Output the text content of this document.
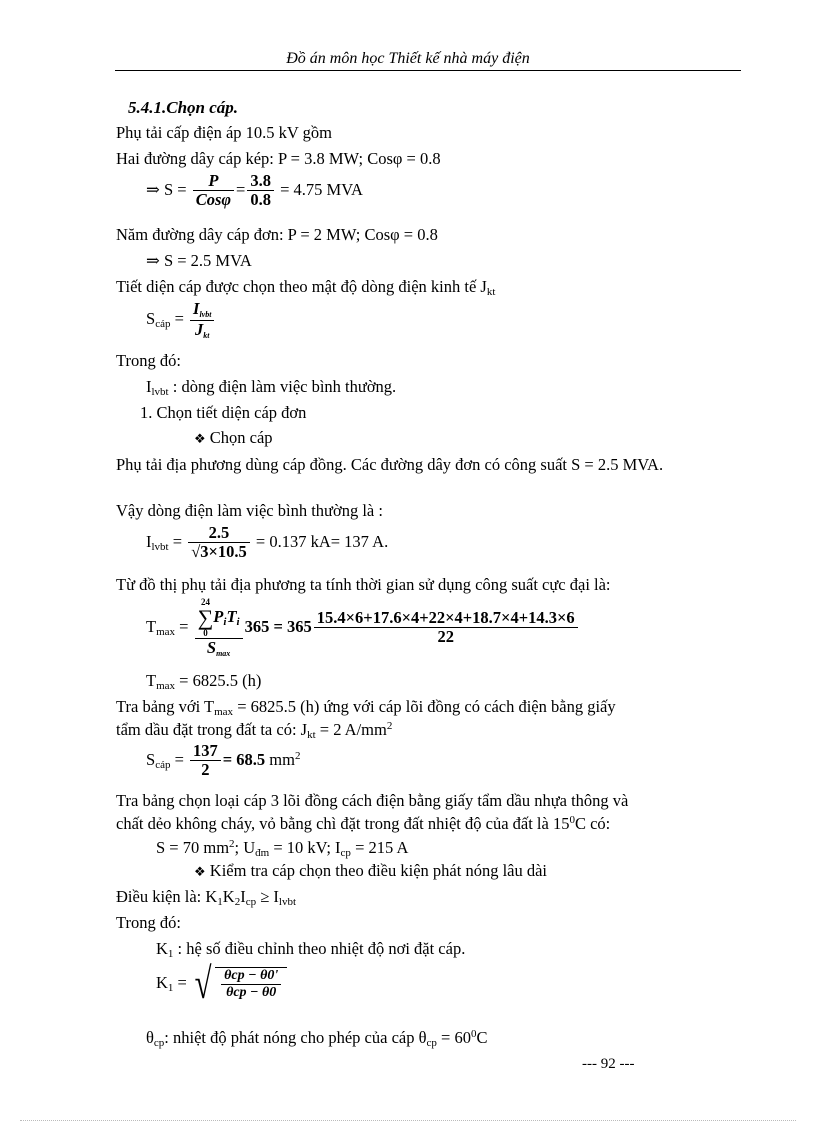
Đồ án môn học Thiết kế nhà máy điện
5.4.1.Chọn cáp.
Phụ tải cấp điện áp 10.5 kV gồm
Hai đường dây cáp kép: P = 3.8 MW; Cosφ = 0.8
⇒ $S = \frac{P}{\text{Cosφ}} = \frac{3.8}{0.8} = 4.75$ MVA
Năm đường dây cáp đơn: P = 2 MW; Cosφ = 0.8
⇒ S = 2.5 MVA
Tiết diện cáp được chọn theo mật độ dòng điện kinh tế $J_{kt}$
$S_{cáp} = \frac{I_{lvbt}}{J_{kt}}$
Trong đó:
$I_{lvbt}$ : dòng điện làm việc bình thường.
1. Chọn tiết diện cáp đơn
❖ Chọn cáp
Phụ tải địa phương dùng cáp đồng. Các đường dây đơn có công suất S = 2.5 MVA.
Vậy dòng điện làm việc bình thường là :
$I_{lvbt} = \frac{2.5}{√3\times 10.5} = 0.137$ kA= 137 A.
Từ đồ thị phụ tải địa phương ta tính thời gian sử dụng công suất cực đại là:
$T_{max} = 24$
∑
0
$P_iT_i$
$S_{max}$ $365 = 365 \frac{15.4\times 6+17.6\times 4+22\times 4+18.7\times 4+14.3\times 6}{22}$
$T_{max} = 6825.5$ (h)
Tra bảng với $T_{max} = 6825.5$ (h) ứng với cáp lõi đồng có cách điện bằng giấy
tẩm dầu đặt trong đất ta có: $J_{kt} = 2$ $A/mm^2$
$S_{cáp} = \frac{137}{2} = 68.5$ $mm^2$
Tra bảng chọn loại cáp 3 lõi đồng cách điện bằng giấy tẩm dầu nhựa thông và
chất dẻo không cháy, vỏ bằng chì đặt trong đất nhiệt độ của đất là $15^0C$ có:
S = 70 $mm^2$; $U_{đm} = 10$ kV; $I_{cp} = 215$ A
❖ Kiểm tra cáp chọn theo điều kiện phát nóng lâu dài
Điều kiện là: $K_1K_2I_{cp} \ge I_{lvbt}$
Trong đó:
$K_1$ : hệ số điều chỉnh theo nhiệt độ nơi đặt cáp.
$K_1$ = √ $\frac{\text{θcp − θ0'}}{\text{θcp − θ0}}$
$\theta_{cp}$: nhiệt độ phát nóng cho phép của cáp $\theta_{cp} = 60^0C$
--- 92 ---
